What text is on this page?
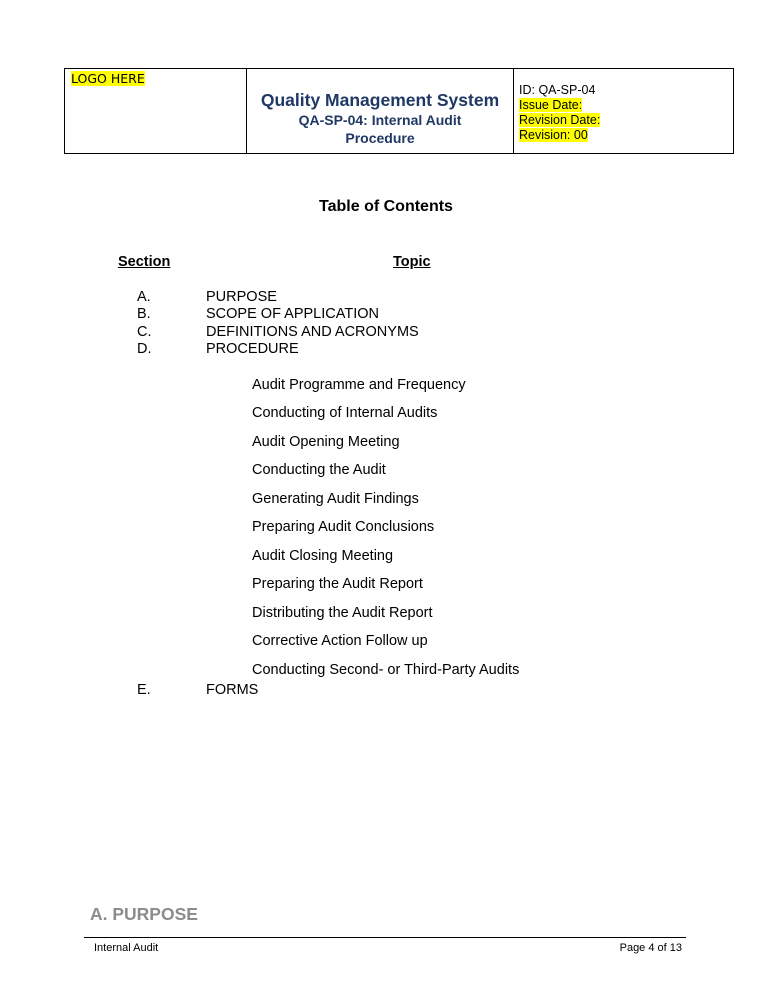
LOGO HERE
Quality Management System
QA-SP-04: Internal Audit
Procedure
ID: QA-SP-04
Issue Date:
Revision Date:
Revision: 00
Table of Contents
Section	Topic
A.	PURPOSE
B.	SCOPE OF APPLICATION
C.	DEFINITIONS AND ACRONYMS
D.	PROCEDURE
Audit Programme and Frequency
Conducting of Internal Audits
Audit Opening Meeting
Conducting the Audit
Generating Audit Findings
Preparing Audit Conclusions
Audit Closing Meeting
Preparing the Audit Report
Distributing the Audit Report
Corrective Action Follow up
Conducting Second- or Third-Party Audits
E.	FORMS
A. PURPOSE
Internal Audit	Page 4 of 13
